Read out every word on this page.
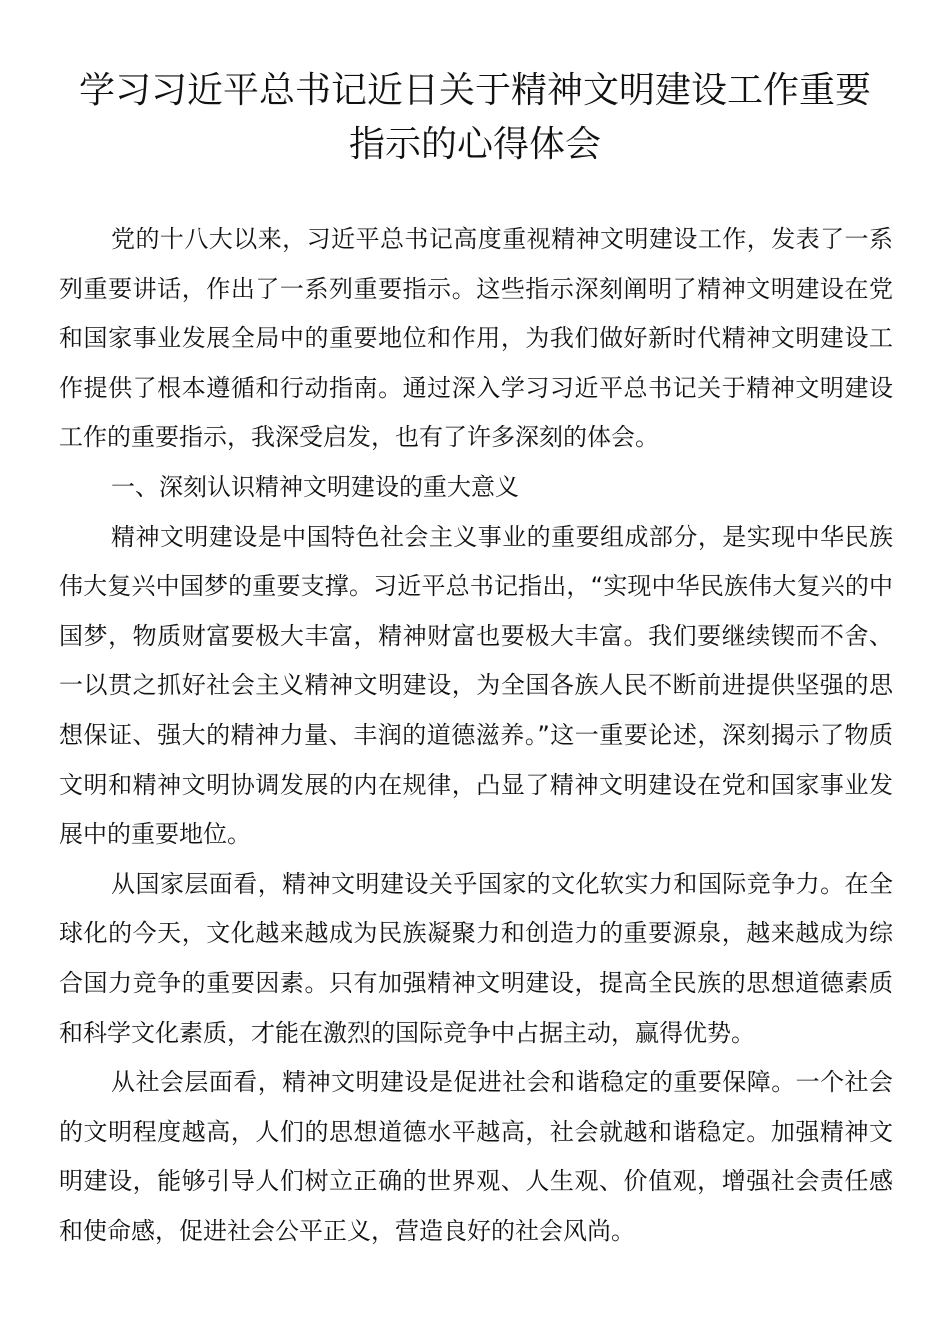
学习习近平总书记近日关于精神文明建设工作重要指示的心得体会

党的十八大以来，习近平总书记高度重视精神文明建设工作，发表了一系列重要讲话，作出了一系列重要指示。这些指示深刻阐明了精神文明建设在党和国家事业发展全局中的重要地位和作用，为我们做好新时代精神文明建设工作提供了根本遵循和行动指南。通过深入学习习近平总书记关于精神文明建设工作的重要指示，我深受启发，也有了许多深刻的体会。

一、深刻认识精神文明建设的重大意义

精神文明建设是中国特色社会主义事业的重要组成部分，是实现中华民族伟大复兴中国梦的重要支撑。习近平总书记指出，“实现中华民族伟大复兴的中国梦，物质财富要极大丰富，精神财富也要极大丰富。我们要继续锲而不舍、一以贯之抓好社会主义精神文明建设，为全国各族人民不断前进提供坚强的思想保证、强大的精神力量、丰润的道德滋养。”这一重要论述，深刻揭示了物质文明和精神文明协调发展的内在规律，凸显了精神文明建设在党和国家事业发展中的重要地位。

从国家层面看，精神文明建设关乎国家的文化软实力和国际竞争力。在全球化的今天，文化越来越成为民族凝聚力和创造力的重要源泉，越来越成为综合国力竞争的重要因素。只有加强精神文明建设，提高全民族的思想道德素质和科学文化素质，才能在激烈的国际竞争中占据主动，赢得优势。

从社会层面看，精神文明建设是促进社会和谐稳定的重要保障。一个社会的文明程度越高，人们的思想道德水平越高，社会就越和谐稳定。加强精神文明建设，能够引导人们树立正确的世界观、人生观、价值观，增强社会责任感和使命感，促进社会公平正义，营造良好的社会风尚。
